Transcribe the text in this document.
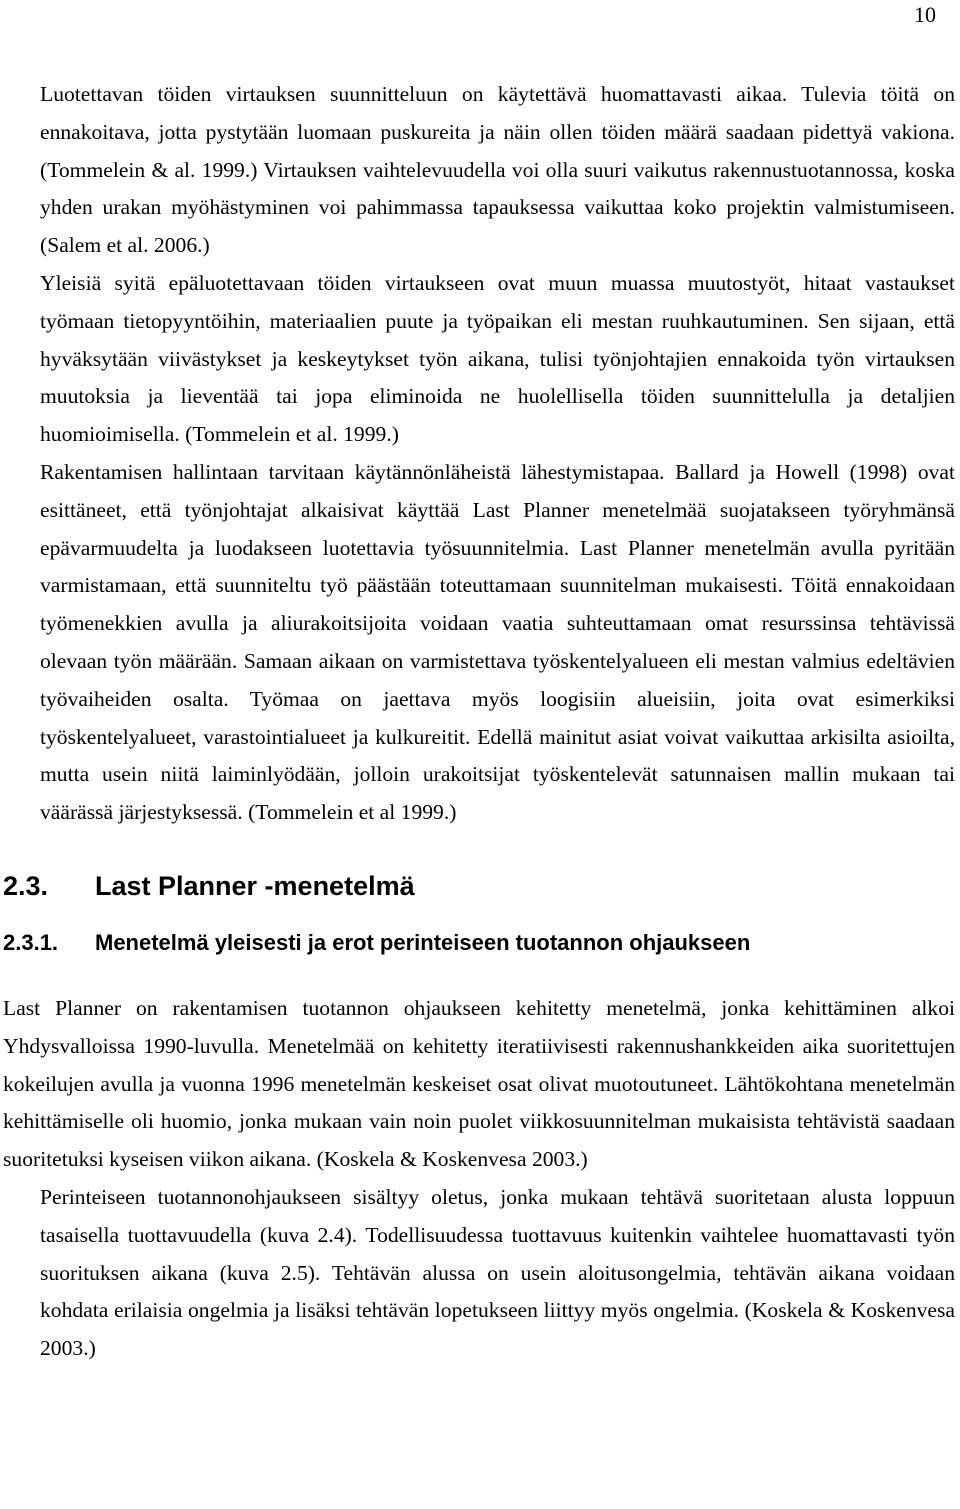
10

Luotettavan töiden virtauksen suunnitteluun on käytettävä huomattavasti aikaa. Tulevia töitä on ennakoitava, jotta pystytään luomaan puskureita ja näin ollen töiden määrä saadaan pidettyä vakiona. (Tommelein & al. 1999.) Virtauksen vaihtelevuudella voi olla suuri vaikutus rakennustuotannossa, koska yhden urakan myöhästyminen voi pahimmassa tapauksessa vaikuttaa koko projektin valmistumiseen. (Salem et al. 2006.)

Yleisiä syitä epäluotettavaan töiden virtaukseen ovat muun muassa muutostyöt, hitaat vastaukset työmaan tietopyyntöihin, materiaalien puute ja työpaikan eli mestan ruuhkautuminen. Sen sijaan, että hyväksytään viivästykset ja keskeytykset työn aikana, tulisi työnjohtajien ennakoida työn virtauksen muutoksia ja lieventää tai jopa eliminoida ne huolellisella töiden suunnittelulla ja detaljien huomioimisella. (Tommelein et al. 1999.)

Rakentamisen hallintaan tarvitaan käytännönläheistä lähestymistapaa. Ballard ja Howell (1998) ovat esittäneet, että työnjohtajat alkaisivat käyttää Last Planner menetelmää suojatakseen työryhmänsä epävarmuudelta ja luodakseen luotettavia työsuunnitelmia. Last Planner menetelmän avulla pyritään varmistamaan, että suunniteltu työ päästään toteuttamaan suunnitelman mukaisesti. Töitä ennakoidaan työmenekkien avulla ja aliurakoitsijoita voidaan vaatia suhteuttamaan omat resurssinsa tehtävissä olevaan työn määrään. Samaan aikaan on varmistettava työskentelyalueen eli mestan valmius edeltävien työvaiheiden osalta. Työmaa on jaettava myös loogisiin alueisiin, joita ovat esimerkiksi työskentelyalueet, varastointialueet ja kulkureitit. Edellä mainitut asiat voivat vaikuttaa arkisilta asioilta, mutta usein niitä laiminlyödään, jolloin urakoitsijat työskentelevät satunnaisen mallin mukaan tai väärässä järjestyksessä. (Tommelein et al 1999.)

2.3. Last Planner -menetelmä
2.3.1. Menetelmä yleisesti ja erot perinteiseen tuotannon ohjaukseen

Last Planner on rakentamisen tuotannon ohjaukseen kehitetty menetelmä, jonka kehittäminen alkoi Yhdysvalloissa 1990-luvulla. Menetelmää on kehitetty iteratiivisesti rakennushankkeiden aika suoritettujen kokeilujen avulla ja vuonna 1996 menetelmän keskeiset osat olivat muotoutuneet. Lähtökohtana menetelmän kehittämiselle oli huomio, jonka mukaan vain noin puolet viikkosuunnitelman mukaisista tehtävistä saadaan suoritetuksi kyseisen viikon aikana. (Koskela & Koskenvesa 2003.)

Perinteiseen tuotannonohjaukseen sisältyy oletus, jonka mukaan tehtävä suoritetaan alusta loppuun tasaisella tuottavuudella (kuva 2.4). Todellisuudessa tuottavuus kuitenkin vaihtelee huomattavasti työn suorituksen aikana (kuva 2.5). Tehtävän alussa on usein aloitusongelmia, tehtävän aikana voidaan kohdata erilaisia ongelmia ja lisäksi tehtävän lopetukseen liittyy myös ongelmia. (Koskela & Koskenvesa 2003.)
